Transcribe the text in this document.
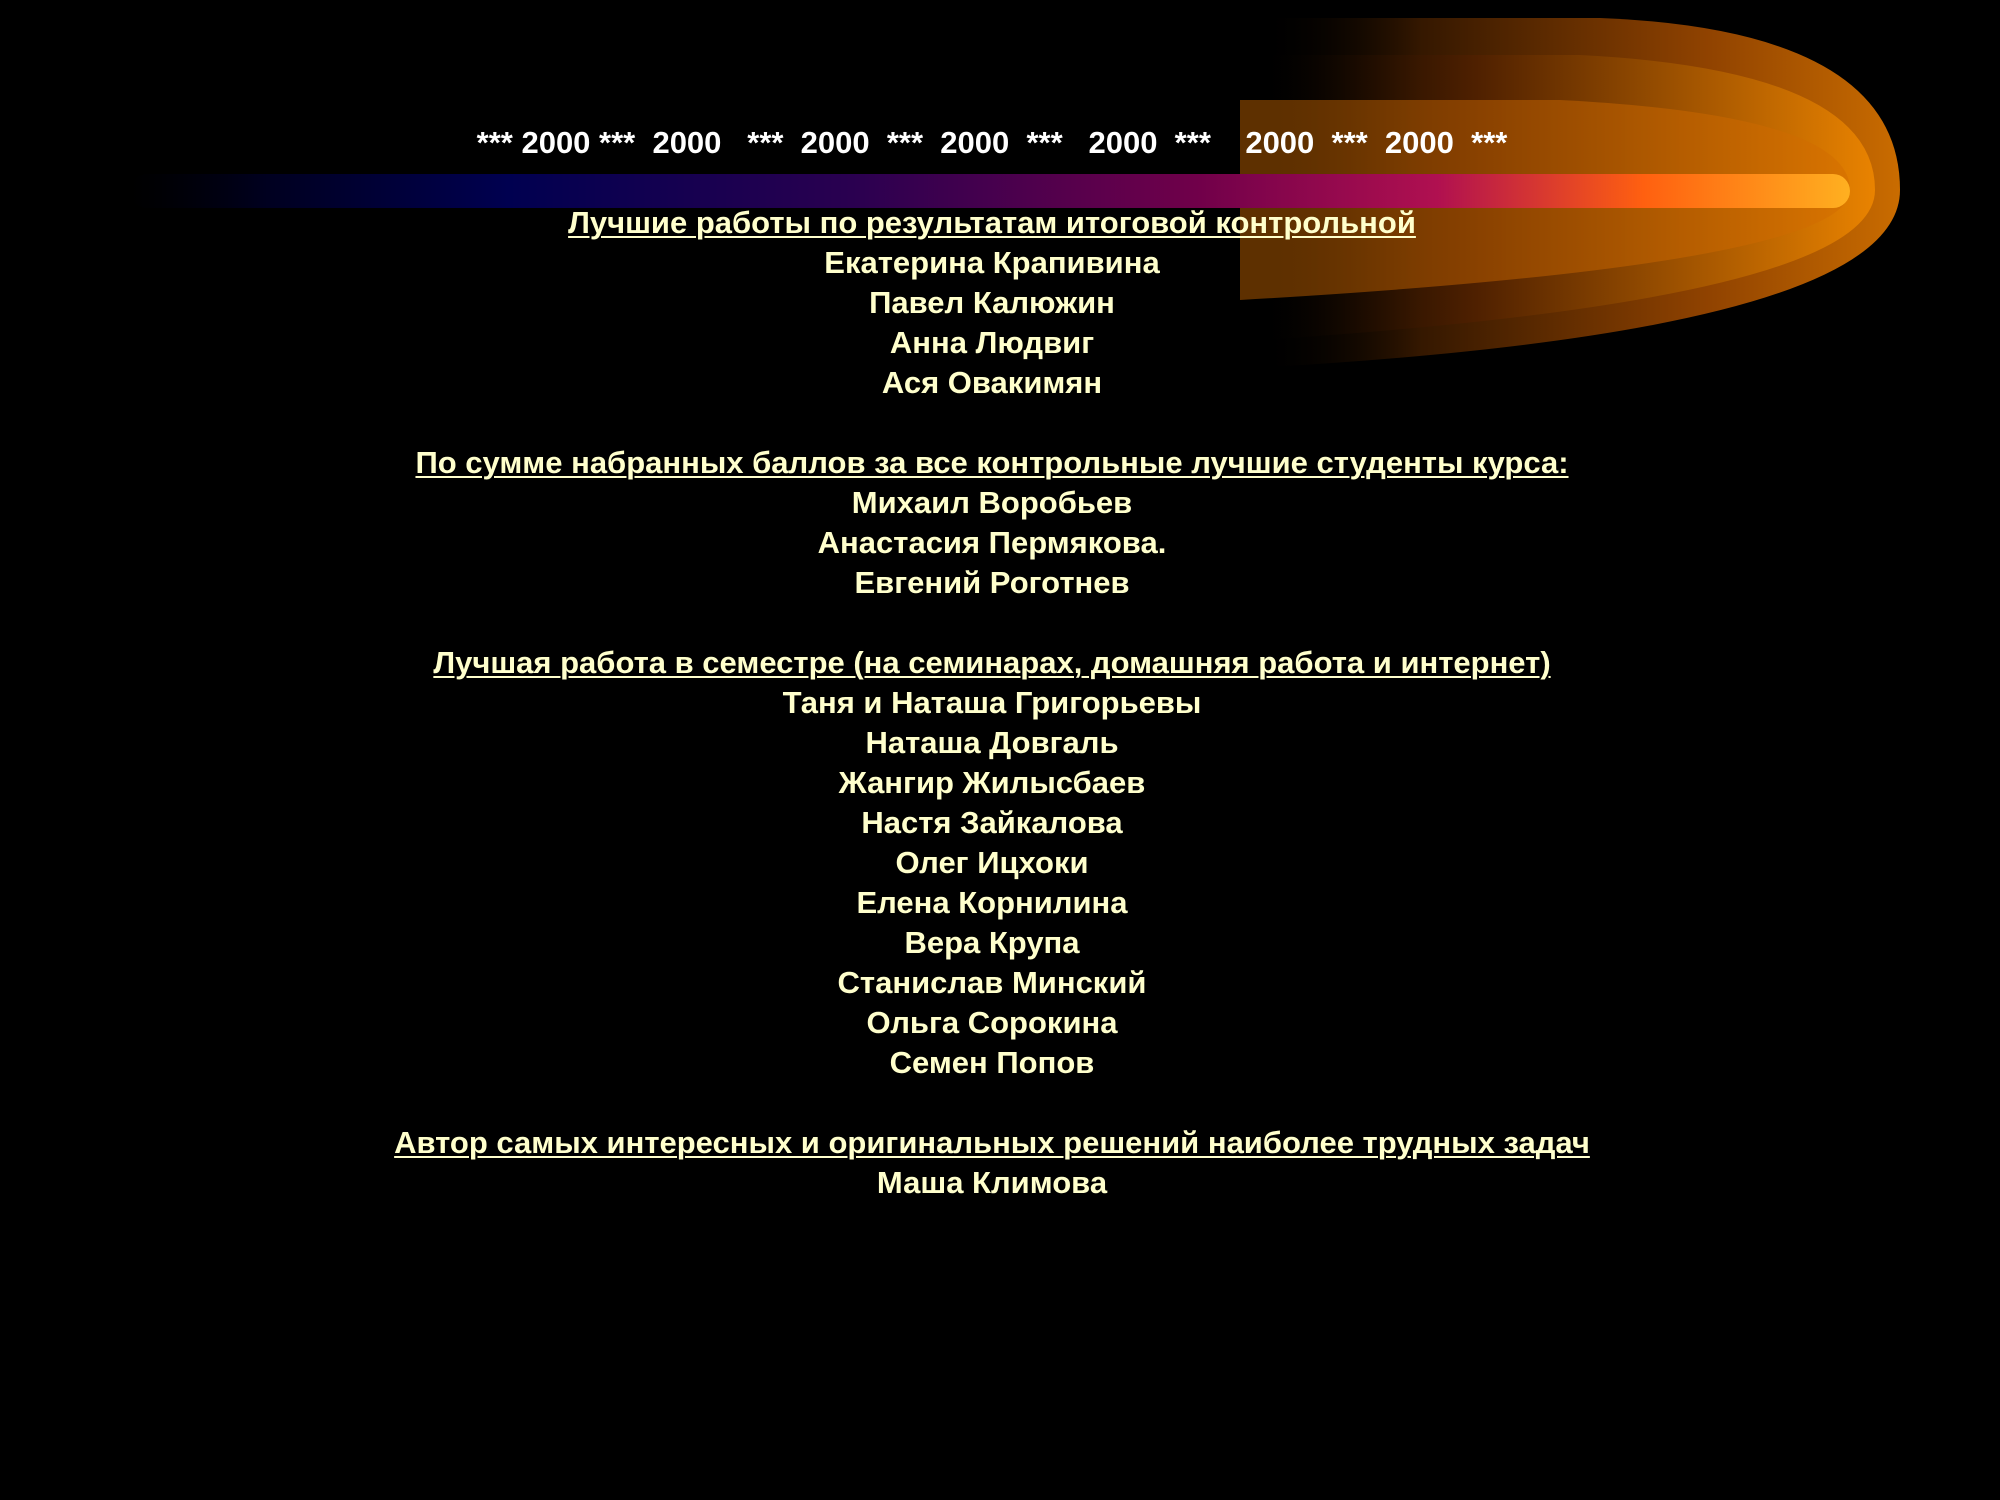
*** 2000 ***  2000   ***  2000  ***  2000  ***   2000  ***    2000  ***  2000  ***
Лучшие работы по результатам итоговой контрольной
Екатерина Крапивина
Павел Калюжин
Анна Людвиг
Ася Овакимян
По сумме набранных баллов за все контрольные лучшие студенты курса:
Михаил Воробьев
Анастасия Пермякова.
Евгений Роготнев
Лучшая работа в семестре (на семинарах, домашняя работа и интернет)
Таня и Наташа Григорьевы
Наташа Довгаль
Жангир Жилысбаев
Настя Зайкалова
Олег Ицхоки
Елена Корнилина
Вера Крупа
Станислав Минский
Ольга Сорокина
Семен Попов
Автор самых интересных и оригинальных решений наиболее трудных задач
Маша Климова
